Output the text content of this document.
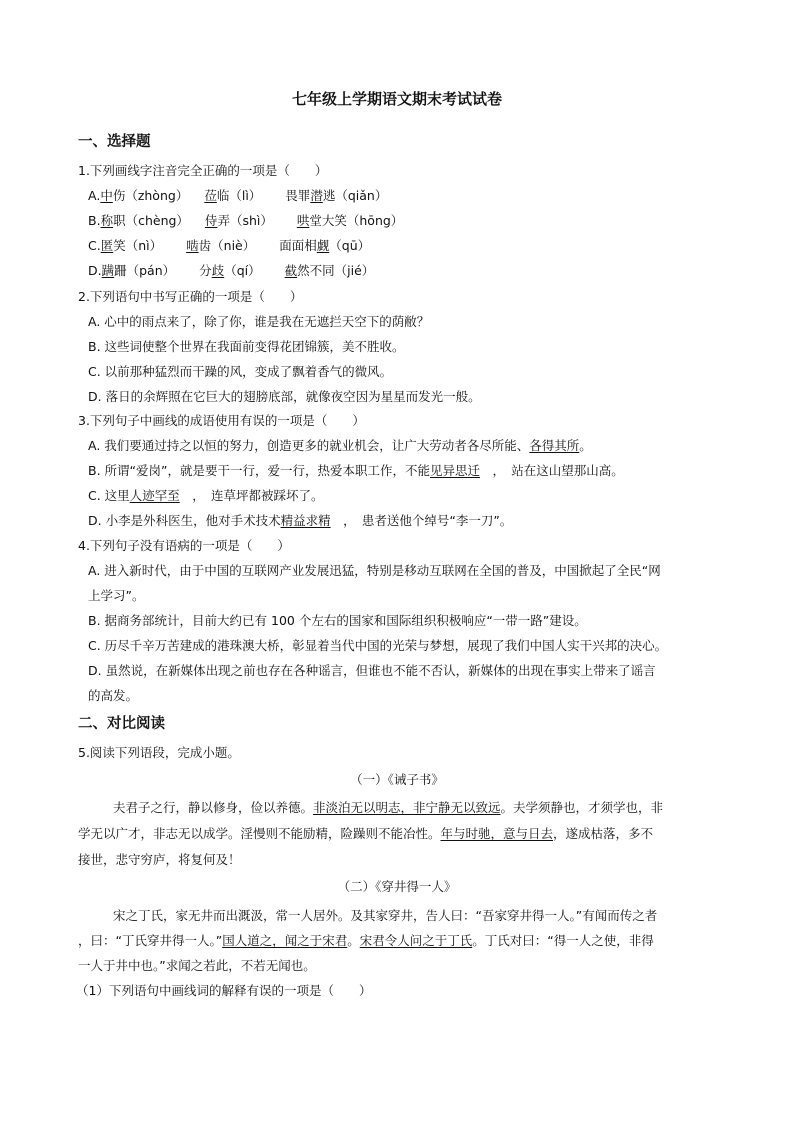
七年级上学期语文期末考试试卷
一、选择题
1.下列画线字注音完全正确的一项是（　　）
A.中伤（zhòng） 莅临（lì） 畏罪潜逃（qiǎn）
B.称职（chèng） 侍弄（shì） 哄堂大笑（hōng）
C.匿笑（nì） 啮齿（niè） 面面相觑（qū）
D.蹒跚（pán） 分歧（qí） 截然不同（jié）
2.下列语句中书写正确的一项是（　　）
A. 心中的雨点来了，除了你，谁是我在无遮拦天空下的荫敝？
B. 这些词使整个世界在我面前变得花团锦簇，美不胜收。
C. 以前那种猛烈而干躁的风，变成了飘着香气的微风。
D. 落日的余辉照在它巨大的翅膀底部，就像夜空因为星星而发光一般。
3.下列句子中画线的成语使用有误的一项是（　　）
A. 我们要通过持之以恒的努力，创造更多的就业机会，让广大劳动者各尽所能、各得其所。
B. 所谓“爱岗”，就是要干一行，爱一行，热爱本职工作，不能见异思迁　，　站在这山望那山高。
C. 这里人迹罕至　，　连草坪都被踩坏了。
D. 小李是外科医生，他对手术技术精益求精　，　患者送他个绰号“李一刀”。
4.下列句子没有语病的一项是（　　）
A. 进入新时代，由于中国的互联网产业发展迅猛，特别是移动互联网在全国的普及，中国掀起了全民“网
上学习”。
B. 据商务部统计，目前大约已有 100 个左右的国家和国际组织积极响应“一带一路”建设。
C. 历尽千辛万苦建成的港珠澳大桥，彰显着当代中国的光荣与梦想，展现了我们中国人实干兴邦的决心。
D. 虽然说，在新媒体出现之前也存在各种谣言，但谁也不能不否认，新媒体的出现在事实上带来了谣言
的高发。
二、对比阅读
5.阅读下列语段，完成小题。
（一）《诫子书》
　　夫君子之行，静以修身，俭以养德。非淡泊无以明志，非宁静无以致远。夫学须静也，才须学也，非
学无以广才，非志无以成学。淫慢则不能励精，险躁则不能冶性。年与时驰，意与日去，遂成枯落，多不
接世，悲守穷庐，将复何及！
（二）《穿井得一人》
　　宋之丁氏，家无井而出溉汲，常一人居外。及其家穿井，告人曰：“吾家穿井得一人。”有闻而传之者
，曰：“丁氏穿井得一人。”国人道之，闻之于宋君。宋君令人问之于丁氏。丁氏对曰：“得一人之使，非得
一人于井中也。”求闻之若此，不若无闻也。
（1）下列语句中画线词的解释有误的一项是（　　）
